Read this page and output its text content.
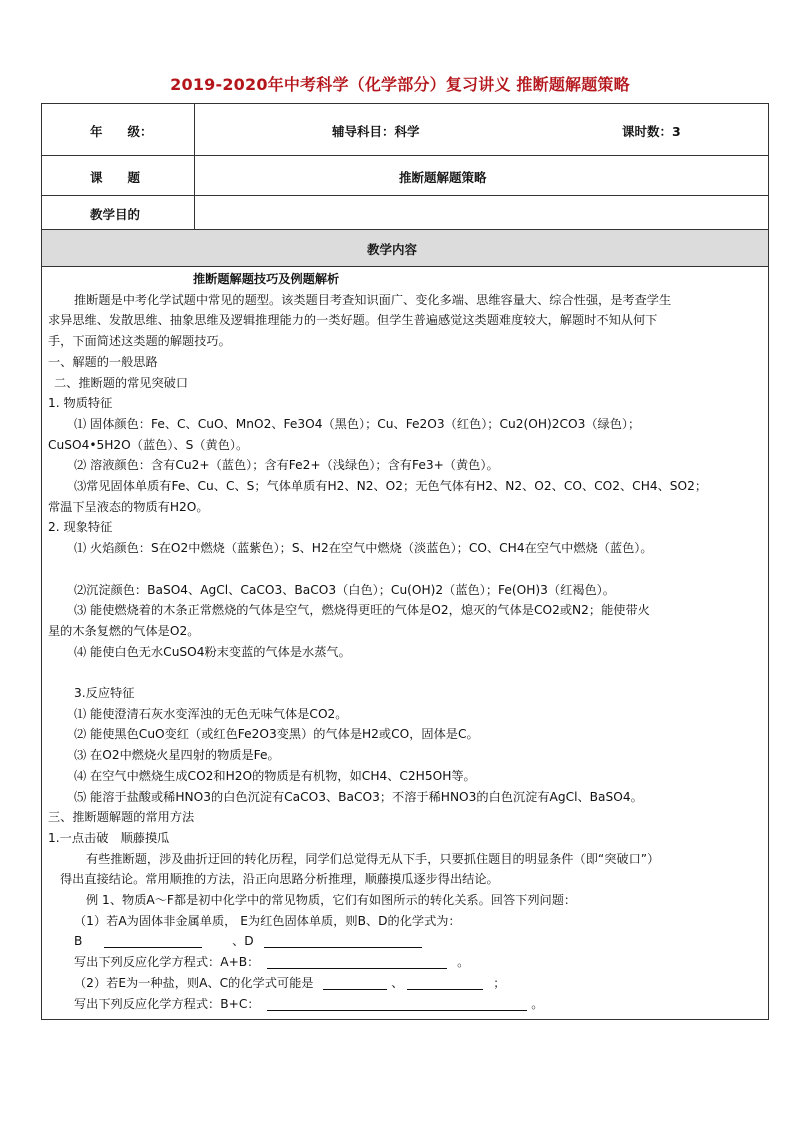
2019-2020年中考科学（化学部分）复习讲义 推断题解题策略
年　　级：	辅导科目：科学	课时数：3
课　　题	推断题解题策略
教学目的
教学内容

推断题解题技巧及例题解析

推断题是中考化学试题中常见的题型。该类题目考查知识面广、变化多端、思维容量大、综合性强，是考查学生

求异思维、发散思维、抽象思维及逻辑推理能力的一类好题。但学生普遍感觉这类题难度较大，解题时不知从何下

手，下面简述这类题的解题技巧。

一、解题的一般思路

二、推断题的常见突破口

1. 物质特征

⑴ 固体颜色：Fe、C、CuO、MnO2、Fe3O4（黑色）；Cu、Fe2O3（红色）；Cu2(OH)2CO3（绿色）；

CuSO4•5H2O（蓝色）、S（黄色）。

⑵ 溶液颜色：含有Cu2+（蓝色）；含有Fe2+（浅绿色）；含有Fe3+（黄色）。

⑶常见固体单质有Fe、Cu、C、S；气体单质有H2、N2、O2；无色气体有H2、N2、O2、CO、CO2、CH4、SO2；

常温下呈液态的物质有H2O。

2. 现象特征

⑴ 火焰颜色：S在O2中燃烧（蓝紫色）；S、H2在空气中燃烧（淡蓝色）；CO、CH4在空气中燃烧（蓝色）。

⑵沉淀颜色：BaSO4、AgCl、CaCO3、BaCO3（白色）；Cu(OH)2（蓝色）；Fe(OH)3（红褐色）。

⑶ 能使燃烧着的木条正常燃烧的气体是空气，燃烧得更旺的气体是O2，熄灭的气体是CO2或N2；能使带火

星的木条复燃的气体是O2。

⑷ 能使白色无水CuSO4粉末变蓝的气体是水蒸气。

3.反应特征

⑴ 能使澄清石灰水变浑浊的无色无味气体是CO2。

⑵ 能使黑色CuO变红（或红色Fe2O3变黑）的气体是H2或CO，固体是C。

⑶ 在O2中燃烧火星四射的物质是Fe。

⑷ 在空气中燃烧生成CO2和H2O的物质是有机物，如CH4、C2H5OH等。

⑸ 能溶于盐酸或稀HNO3的白色沉淀有CaCO3、BaCO3；不溶于稀HNO3的白色沉淀有AgCl、BaSO4。

三、推断题解题的常用方法

1.一点击破　顺藤摸瓜

有些推断题，涉及曲折迂回的转化历程，同学们总觉得无从下手，只要抓住题目的明显条件（即“突破口”）

得出直接结论。常用顺推的方法，沿正向思路分析推理，顺藤摸瓜逐步得出结论。

例 1、物质A～F都是初中化学中的常见物质，它们有如图所示的转化关系。回答下列问题：

（1）若A为固体非金属单质， E为红色固体单质，则B、D的化学式为：

B	、D

写出下列反应化学方程式：A+B：	。

（2）若E为一种盐，则A、C的化学式可能是	、	；

写出下列反应化学方程式：B+C：	。
